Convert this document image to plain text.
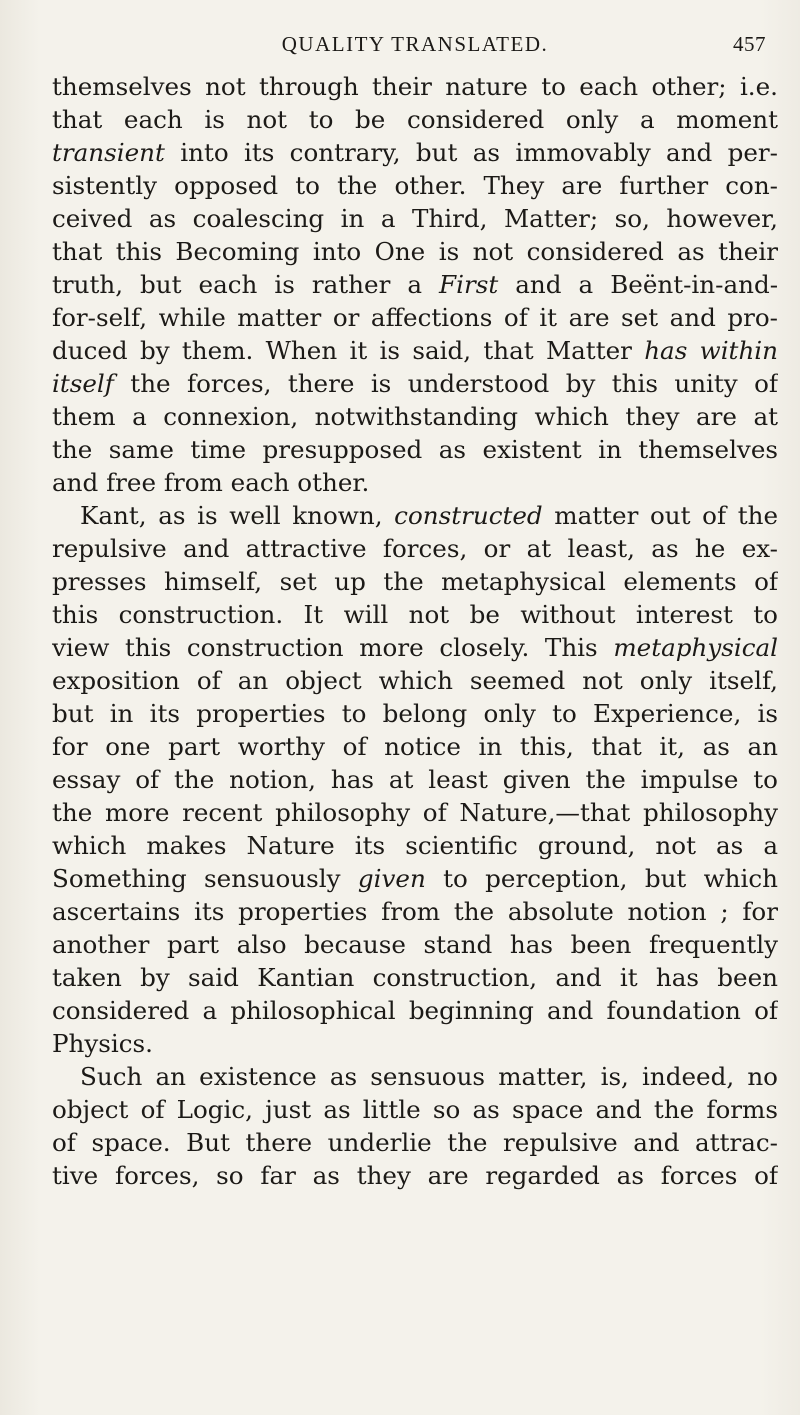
QUALITY TRANSLATED.	457
themselves not through their nature to each other; i.e.
that each is not to be considered only a moment
transient into its contrary, but as immovably and per-
sistently opposed to the other. They are further con-
ceived as coalescing in a Third, Matter; so, however,
that this Becoming into One is not considered as their
truth, but each is rather a First and a Beënt-in-and-
for-self, while matter or affections of it are set and pro-
duced by them. When it is said, that Matter has within
itself the forces, there is understood by this unity of
them a connexion, notwithstanding which they are at
the same time presupposed as existent in themselves
and free from each other.
Kant, as is well known, constructed matter out of the
repulsive and attractive forces, or at least, as he ex-
presses himself, set up the metaphysical elements of
this construction. It will not be without interest to
view this construction more closely. This metaphysical
exposition of an object which seemed not only itself,
but in its properties to belong only to Experience, is
for one part worthy of notice in this, that it, as an
essay of the notion, has at least given the impulse to
the more recent philosophy of Nature,—that philosophy
which makes Nature its scientific ground, not as a
Something sensuously given to perception, but which
ascertains its properties from the absolute notion ; for
another part also because stand has been frequently
taken by said Kantian construction, and it has been
considered a philosophical beginning and foundation of
Physics.
Such an existence as sensuous matter, is, indeed, no
object of Logic, just as little so as space and the forms
of space. But there underlie the repulsive and attrac-
tive forces, so far as they are regarded as forces of
